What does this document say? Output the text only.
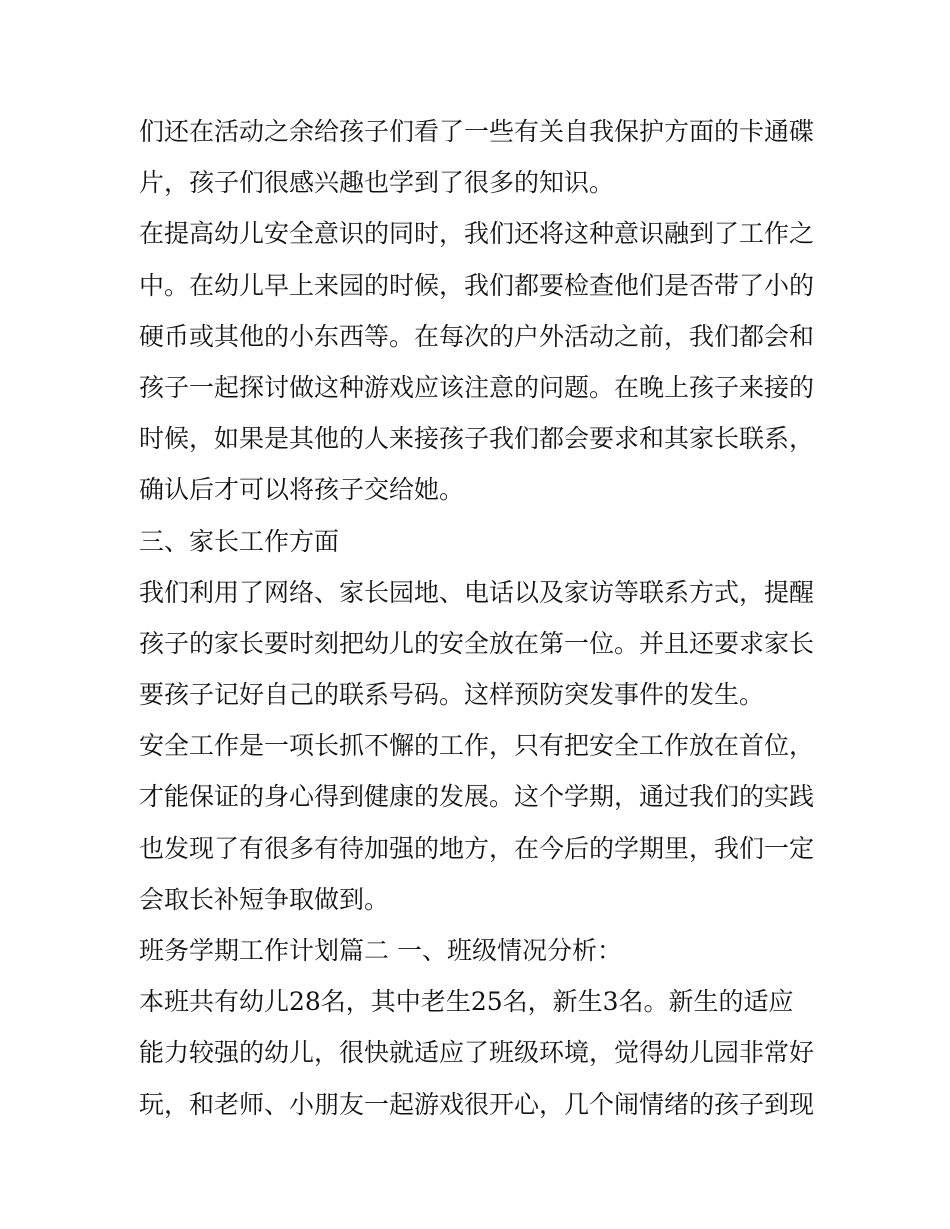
们还在活动之余给孩子们看了一些有关自我保护方面的卡通碟
片，孩子们很感兴趣也学到了很多的知识。
在提高幼儿安全意识的同时，我们还将这种意识融到了工作之
中。在幼儿早上来园的时候，我们都要检查他们是否带了小的
硬币或其他的小东西等。在每次的户外活动之前，我们都会和
孩子一起探讨做这种游戏应该注意的问题。在晚上孩子来接的
时候，如果是其他的人来接孩子我们都会要求和其家长联系，
确认后才可以将孩子交给她。
三、家长工作方面
我们利用了网络、家长园地、电话以及家访等联系方式，提醒
孩子的家长要时刻把幼儿的安全放在第一位。并且还要求家长
要孩子记好自己的联系号码。这样预防突发事件的发生。
安全工作是一项长抓不懈的工作，只有把安全工作放在首位，
才能保证的身心得到健康的发展。这个学期，通过我们的实践
也发现了有很多有待加强的地方，在今后的学期里，我们一定
会取长补短争取做到。
班务学期工作计划篇二 一、班级情况分析：
本班共有幼儿28名，其中老生25名，新生3名。新生的适应
能力较强的幼儿，很快就适应了班级环境，觉得幼儿园非常好
玩，和老师、小朋友一起游戏很开心，几个闹情绪的孩子到现
